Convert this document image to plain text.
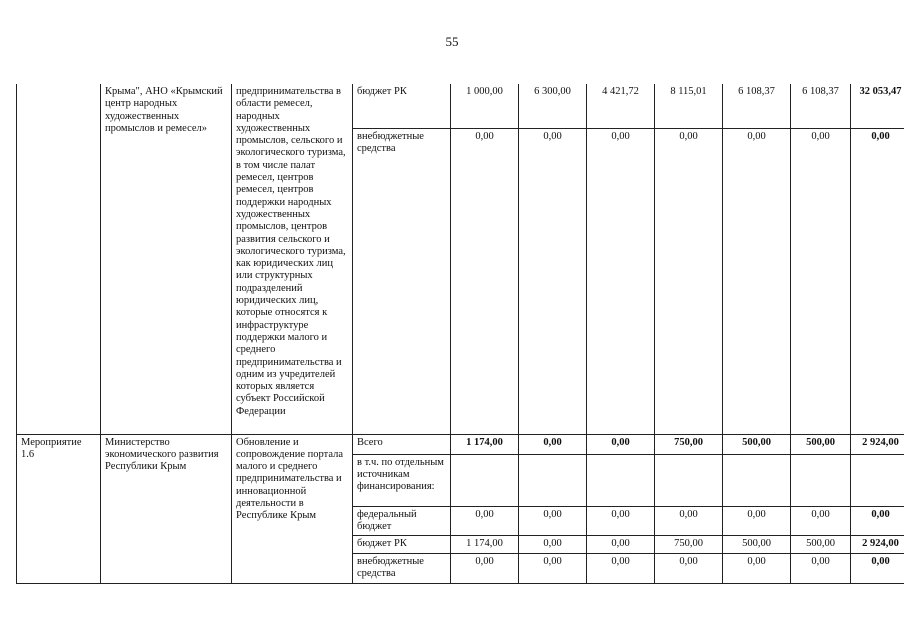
55
	Крыма", АНО «Крымский центр народных художественных промыслов и ремесел»	предпринимательства в области ремесел, народных художественных промыслов, сельского и экологического туризма, в том числе палат ремесел, центров ремесел, центров поддержки народных художественных промыслов, центров развития сельского и экологического туризма, как юридических лиц или структурных подразделений юридических лиц, которые относятся к инфраструктуре поддержки малого и среднего предпринимательства и одним из учредителей которых является субъект Российской Федерации	бюджет РК	1 000,00	6 300,00	4 421,72	8 115,01	6 108,37	6 108,37	32 053,47
			внебюджетные средства	0,00	0,00	0,00	0,00	0,00	0,00	0,00
Мероприятие 1.6	Министерство экономического развития Республики Крым	Обновление и сопровождение портала малого и среднего предпринимательства и инновационной деятельности в Республике Крым	Всего	1 174,00	0,00	0,00	750,00	500,00	500,00	2 924,00
			в т.ч. по отдельным источникам финансирования:							
			федеральный бюджет	0,00	0,00	0,00	0,00	0,00	0,00	0,00
			бюджет РК	1 174,00	0,00	0,00	750,00	500,00	500,00	2 924,00
			внебюджетные средства	0,00	0,00	0,00	0,00	0,00	0,00	0,00
